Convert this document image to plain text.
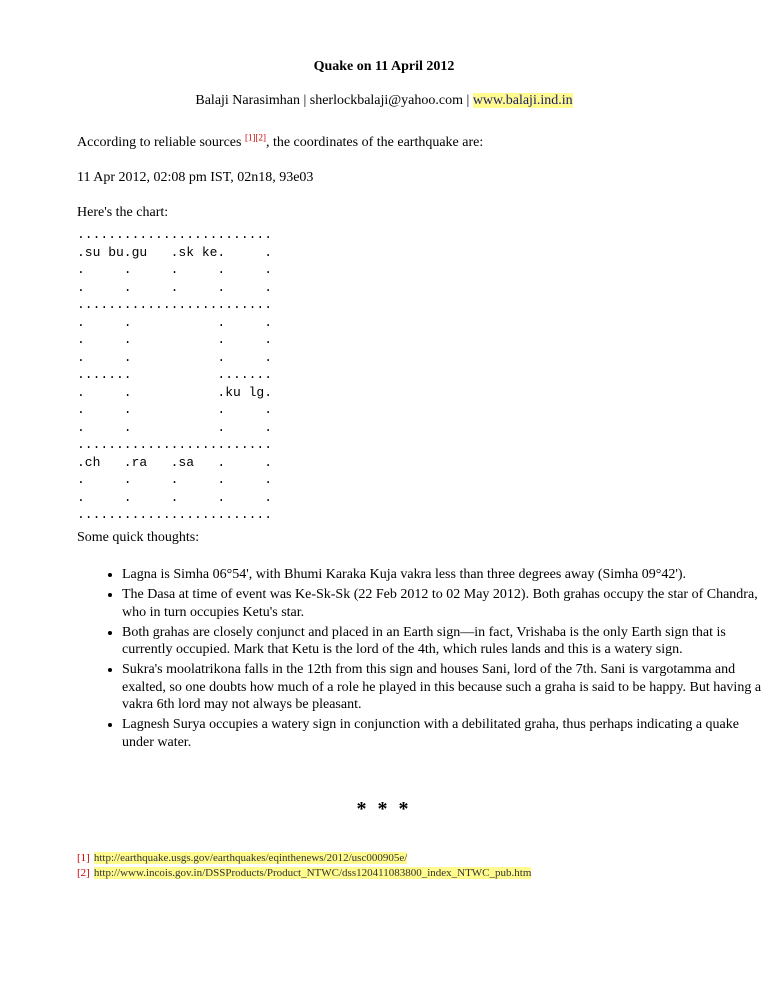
Quake on 11 April 2012
Balaji Narasimhan | sherlockbalaji@yahoo.com | www.balaji.ind.in
According to reliable sources [1][2], the coordinates of the earthquake are:
11 Apr 2012, 02:08 pm IST, 02n18, 93e03
Here's the chart:
.........................
.su bu.gu   .sk ke.     .
.     .     .     .     .
.     .     .     .     .
.........................
.     .           .     .
.     .           .     .
.     .           .     .
.......           .......
.     .           .ku lg.
.     .           .     .
.     .           .     .
.........................
.ch   .ra   .sa   .     .
.     .     .     .     .
.     .     .     .     .
.........................
Some quick thoughts:
• Lagna is Simha 06°54', with Bhumi Karaka Kuja vakra less than three degrees away (Simha 09°42').
• The Dasa at time of event was Ke-Sk-Sk (22 Feb 2012 to 02 May 2012). Both grahas occupy the star of Chandra, who in turn occupies Ketu's star.
• Both grahas are closely conjunct and placed in an Earth sign—in fact, Vrishaba is the only Earth sign that is currently occupied. Mark that Ketu is the lord of the 4th, which rules lands and this is a watery sign.
• Sukra's moolatrikona falls in the 12th from this sign and houses Sani, lord of the 7th. Sani is vargotamma and exalted, so one doubts how much of a role he played in this because such a graha is said to be happy. But having a vakra 6th lord may not always be pleasant.
• Lagnesh Surya occupies a watery sign in conjunction with a debilitated graha, thus perhaps indicating a quake under water.
* * *
[1] http://earthquake.usgs.gov/earthquakes/eqinthenews/2012/usc000905e/
[2] http://www.incois.gov.in/DSSProducts/Product_NTWC/dss120411083800_index_NTWC_pub.htm
